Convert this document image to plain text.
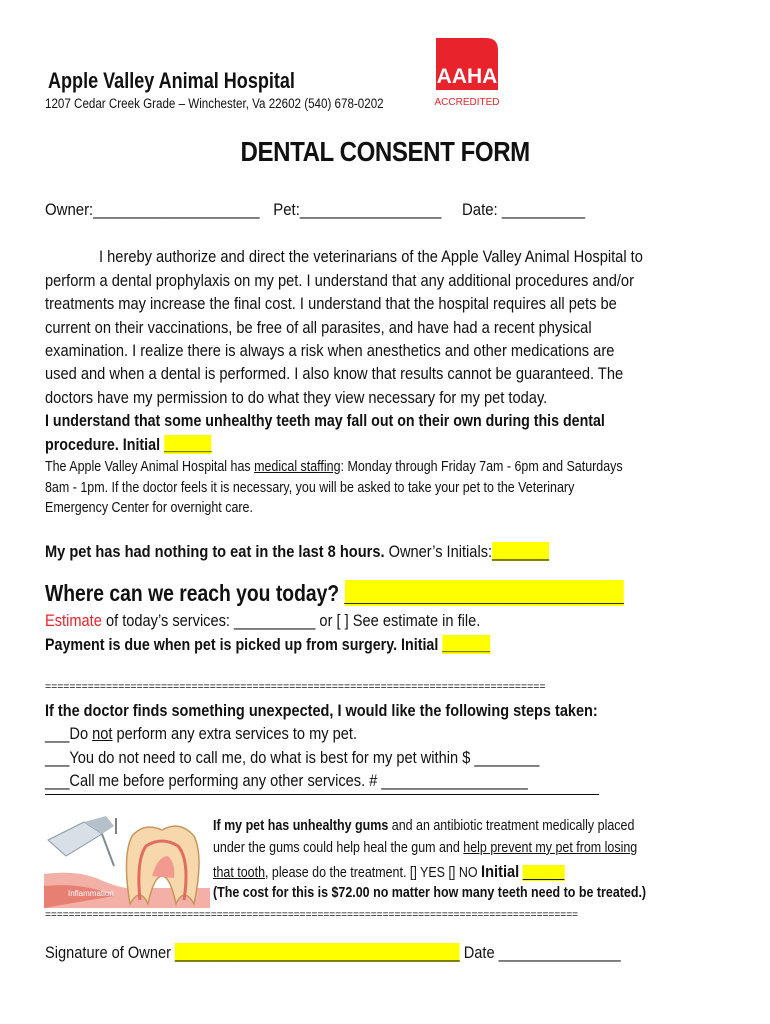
Apple Valley Animal Hospital
1207 Cedar Creek Grade – Winchester, Va 22602 (540) 678-0202
AAHA
ACCREDITED
DENTAL CONSENT FORM
Owner:____________________ Pet:_________________ Date: __________
I hereby authorize and direct the veterinarians of the Apple Valley Animal Hospital to
perform a dental prophylaxis on my pet. I understand that any additional procedures and/or
treatments may increase the final cost. I understand that the hospital requires all pets be
current on their vaccinations, be free of all parasites, and have had a recent physical
examination. I realize there is always a risk when anesthetics and other medications are
used and when a dental is performed. I also know that results cannot be guaranteed. The
doctors have my permission to do what they view necessary for my pet today.
I understand that some unhealthy teeth may fall out on their own during this dental
procedure. Initial ______
The Apple Valley Animal Hospital has medical staffing: Monday through Friday 7am - 6pm and Saturdays
8am - 1pm. If the doctor feels it is necessary, you will be asked to take your pet to the Veterinary
Emergency Center for overnight care.
My pet has had nothing to eat in the last 8 hours. Owner’s Initials:_______
Where can we reach you today? __________________________
Estimate of today’s services: __________ or [ ] See estimate in file.
Payment is due when pet is picked up from surgery. Initial ______
==================================================================================
If the doctor finds something unexpected, I would like the following steps taken:
___Do not perform any extra services to my pet.
___You do not need to call me, do what is best for my pet within $ ________
___Call me before performing any other services. # __________________
Inflammation
If my pet has unhealthy gums and an antibiotic treatment medically placed
under the gums could help heal the gum and help prevent my pet from losing
that tooth, please do the treatment. [] YES [] NO Initial ______
(The cost for this is $72.00 no matter how many teeth need to be treated.)
==========================================================================================
Signature of Owner ___________________________________ Date _______________
